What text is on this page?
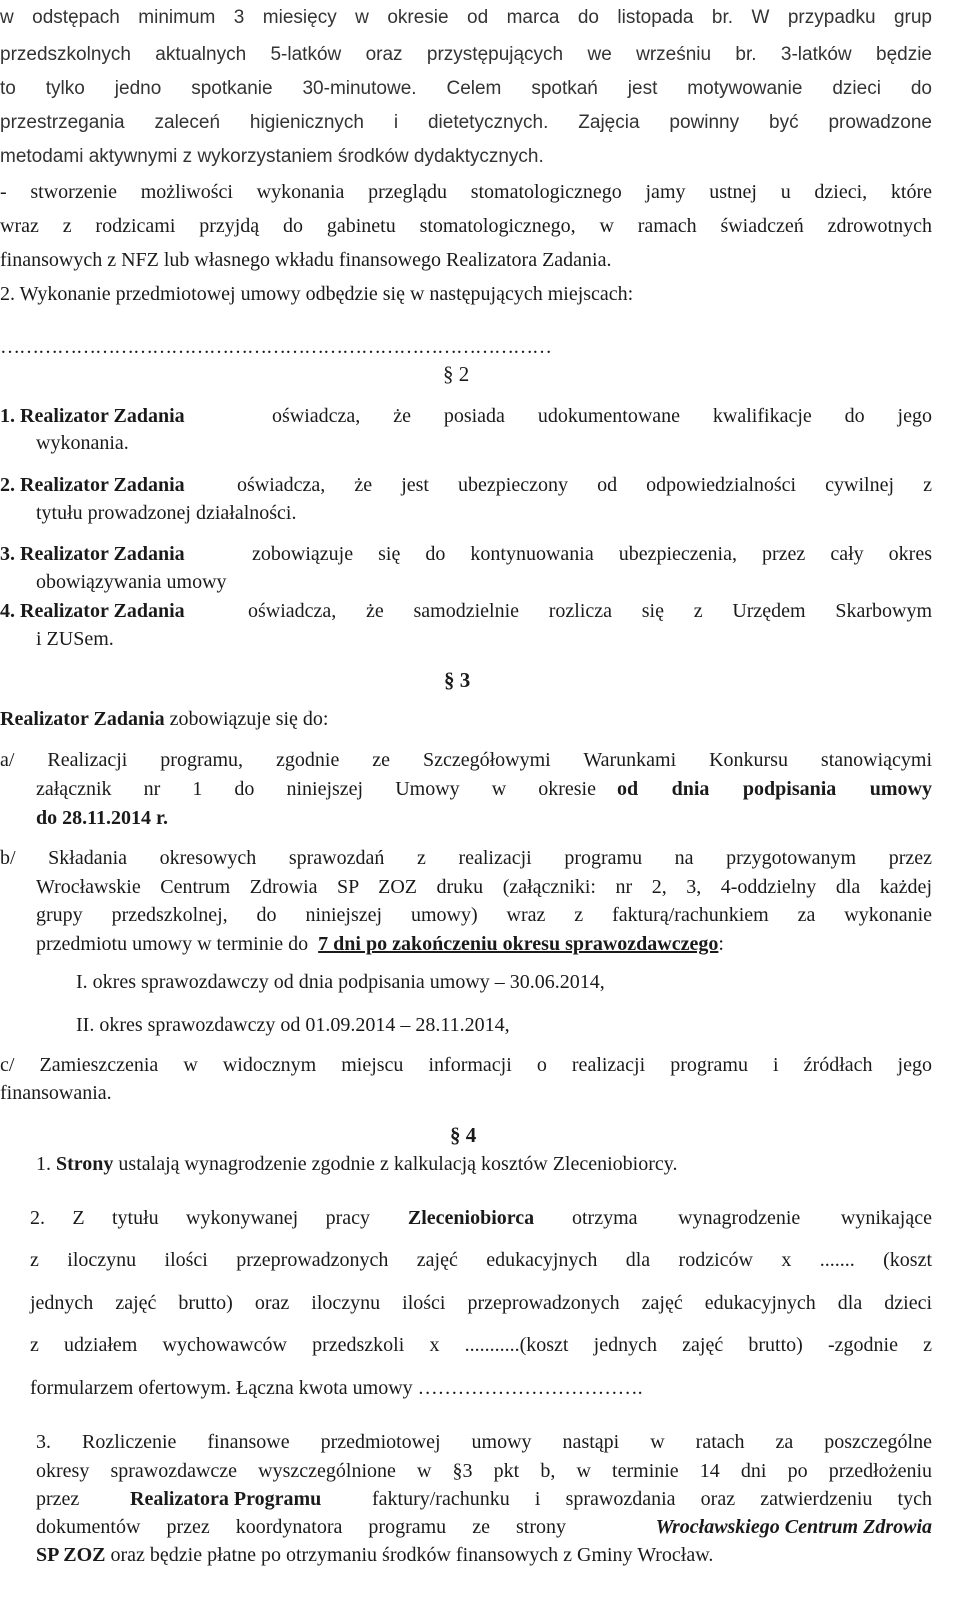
w odstępach minimum 3 miesięcy w okresie od marca do listopada br. W przypadku grup
przedszkolnych aktualnych 5-latków oraz przystępujących we wrześniu br. 3-latków będzie
to tylko jedno spotkanie 30-minutowe. Celem spotkań jest motywowanie dzieci do
przestrzegania zaleceń higienicznych i dietetycznych. Zajęcia powinny być prowadzone
metodami aktywnymi z wykorzystaniem środków dydaktycznych.
- stworzenie możliwości wykonania przeglądu stomatologicznego jamy ustnej u dzieci, które
wraz z rodzicami przyjdą do gabinetu stomatologicznego, w ramach świadczeń zdrowotnych
finansowych z NFZ lub własnego wkładu finansowego Realizatora Zadania.
2. Wykonanie przedmiotowej umowy odbędzie się w następujących miejscach:
……………………………………………………………………………
§ 2
1.
Realizator Zadania	oświadcza, że posiada udokumentowane kwalifikacje do jego
wykonania.
2.
Realizator Zadania	oświadcza, że jest ubezpieczony od odpowiedzialności cywilnej z
tytułu prowadzonej działalności.
3.
Realizator Zadania	zobowiązuje się do kontynuowania ubezpieczenia, przez cały okres
obowiązywania umowy
4.
Realizator Zadania	oświadcza, że samodzielnie rozlicza się z Urzędem Skarbowym
i ZUSem.
§ 3
Realizator Zadania zobowiązuje się do:
a/ Realizacji programu, zgodnie ze Szczegółowymi Warunkami Konkursu stanowiącymi
załącznik nr 1 do niniejszej Umowy w okresie od dnia podpisania umowy
do 28.11.2014 r.
b/ Składania okresowych sprawozdań z realizacji programu na przygotowanym przez
Wrocławskie Centrum Zdrowia SP ZOZ druku (załączniki: nr 2, 3, 4-oddzielny dla każdej
grupy przedszkolnej, do niniejszej umowy) wraz z fakturą/rachunkiem za wykonanie
przedmiotu umowy w terminie do 7 dni po zakończeniu okresu sprawozdawczego:
I. okres sprawozdawczy od dnia podpisania umowy – 30.06.2014,
II. okres sprawozdawczy od 01.09.2014 – 28.11.2014,
c/ Zamieszczenia w widocznym miejscu informacji o realizacji programu i źródłach jego
finansowania.
§ 4
1. Strony ustalają wynagrodzenie zgodnie z kalkulacją kosztów Zleceniobiorcy.
2. Z tytułu wykonywanej pracy Zleceniobiorca otrzyma wynagrodzenie wynikające
z iloczynu ilości przeprowadzonych zajęć edukacyjnych dla rodziców x ....... (koszt
jednych zajęć brutto) oraz iloczynu ilości przeprowadzonych zajęć edukacyjnych dla dzieci
z udziałem wychowawców przedszkoli x ...........(koszt jednych zajęć brutto) -zgodnie z
formularzem ofertowym. Łączna kwota umowy …………………………….
3. Rozliczenie finansowe przedmiotowej umowy nastąpi w ratach za poszczególne
okresy sprawozdawcze wyszczególnione w §3 pkt b, w terminie 14 dni po przedłożeniu
przez	Realizatora Programu	faktury/rachunku i sprawozdania oraz zatwierdzeniu tych
dokumentów przez koordynatora programu ze strony	Wrocławskiego Centrum Zdrowia
SP ZOZ oraz będzie płatne po otrzymaniu środków finansowych z Gminy Wrocław.
